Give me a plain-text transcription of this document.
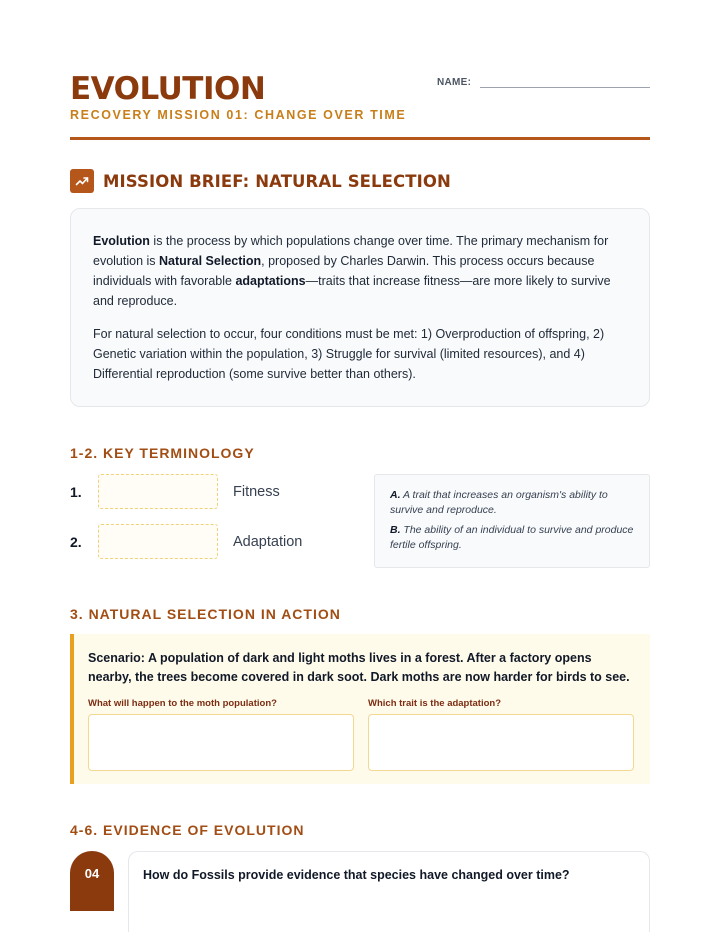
EVOLUTION
RECOVERY MISSION 01: CHANGE OVER TIME
NAME:
MISSION BRIEF: NATURAL SELECTION

Evolution is the process by which populations change over time. The primary mechanism for evolution is Natural Selection, proposed by Charles Darwin. This process occurs because individuals with favorable adaptations—traits that increase fitness—are more likely to survive and reproduce.

For natural selection to occur, four conditions must be met: 1) Overproduction of offspring, 2) Genetic variation within the population, 3) Struggle for survival (limited resources), and 4) Differential reproduction (some survive better than others).

1-2. KEY TERMINOLOGY
1.	Fitness
2.	Adaptation

A. A trait that increases an organism's ability to survive and reproduce.

B. The ability of an individual to survive and produce fertile offspring.

3. NATURAL SELECTION IN ACTION
Scenario: A population of dark and light moths lives in a forest. After a factory opens nearby, the trees become covered in dark soot. Dark moths are now harder for birds to see.
What will happen to the moth population?	Which trait is the adaptation?
4-6. EVIDENCE OF EVOLUTION
04	How do Fossils provide evidence that species have changed over time?
